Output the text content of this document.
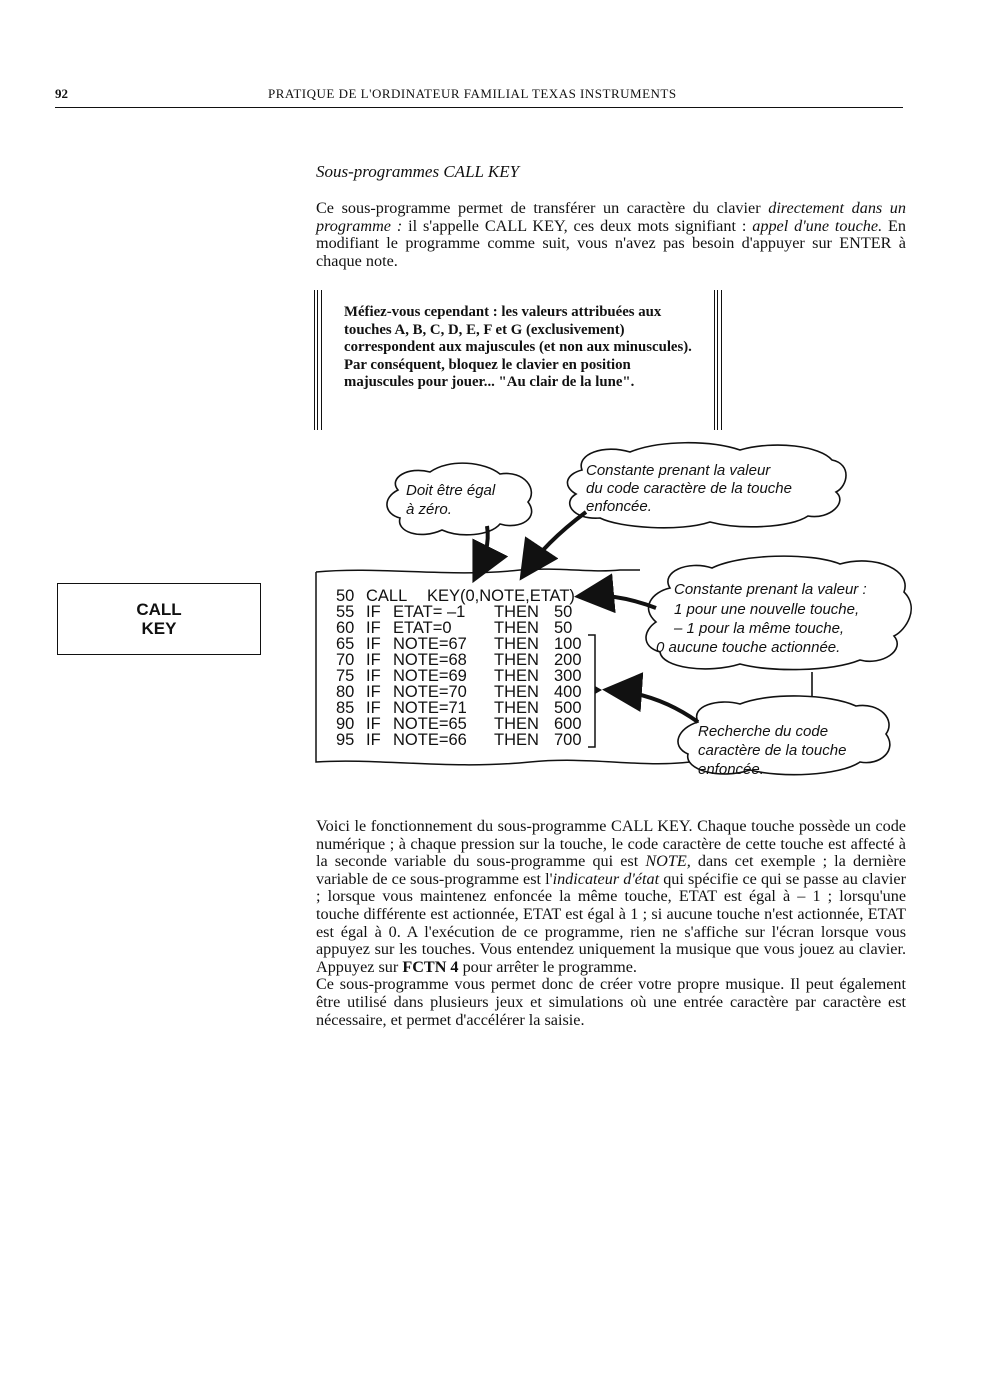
92	PRATIQUE DE L'ORDINATEUR FAMILIAL TEXAS INSTRUMENTS
Sous-programmes CALL KEY
Ce sous-programme permet de transférer un caractère du clavier directement dans un programme : il s'appelle CALL KEY, ces deux mots signifiant : appel d'une touche. En modifiant le programme comme suit, vous n'avez pas besoin d'appuyer sur ENTER à chaque note.
Méfiez-vous cependant : les valeurs attribuées aux touches A, B, C, D, E, F et G (exclusivement) correspondent aux majuscules (et non aux minuscules). Par conséquent, bloquez le clavier en position majuscules pour jouer... "Au clair de la lune".
CALL
KEY
Doit être égal
à zéro.
Constante prenant la valeur
du code caractère de la touche
enfoncée.
Constante prenant la valeur :
1 pour une nouvelle touche,
– 1 pour la même touche,
0 aucune touche actionnée.
Recherche du code
caractère de la touche
enfoncée.
50 CALL KEY(0,NOTE,ETAT)
55 IF ETAT= –1 THEN 50
60 IF ETAT=0	THEN 50
65 IF NOTE=67 THEN 100
70 IF NOTE=68 THEN 200
75 IF NOTE=69 THEN 300
80 IF NOTE=70 THEN 400
85 IF NOTE=71 THEN 500
90 IF NOTE=65 THEN 600
95 IF NOTE=66 THEN 700
Voici le fonctionnement du sous-programme CALL KEY. Chaque touche possède un code numérique ; à chaque pression sur la touche, le code caractère de cette touche est affecté à la seconde variable du sous-programme qui est NOTE, dans cet exemple ; la dernière variable de ce sous-programme est l'indicateur d'état qui spécifie ce qui se passe au clavier ; lorsque vous maintenez enfoncée la même touche, ETAT est égal à – 1 ; lorsqu'une touche différente est actionnée, ETAT est égal à 1 ; si aucune touche n'est actionnée, ETAT est égal à 0. A l'exécution de ce programme, rien ne s'affiche sur l'écran lorsque vous appuyez sur les touches. Vous entendez uniquement la musique que vous jouez au clavier. Appuyez sur FCTN 4 pour arrêter le programme.
Ce sous-programme vous permet donc de créer votre propre musique. Il peut également être utilisé dans plusieurs jeux et simulations où une entrée caractère par caractère est nécessaire, et permet d'accélérer la saisie.
